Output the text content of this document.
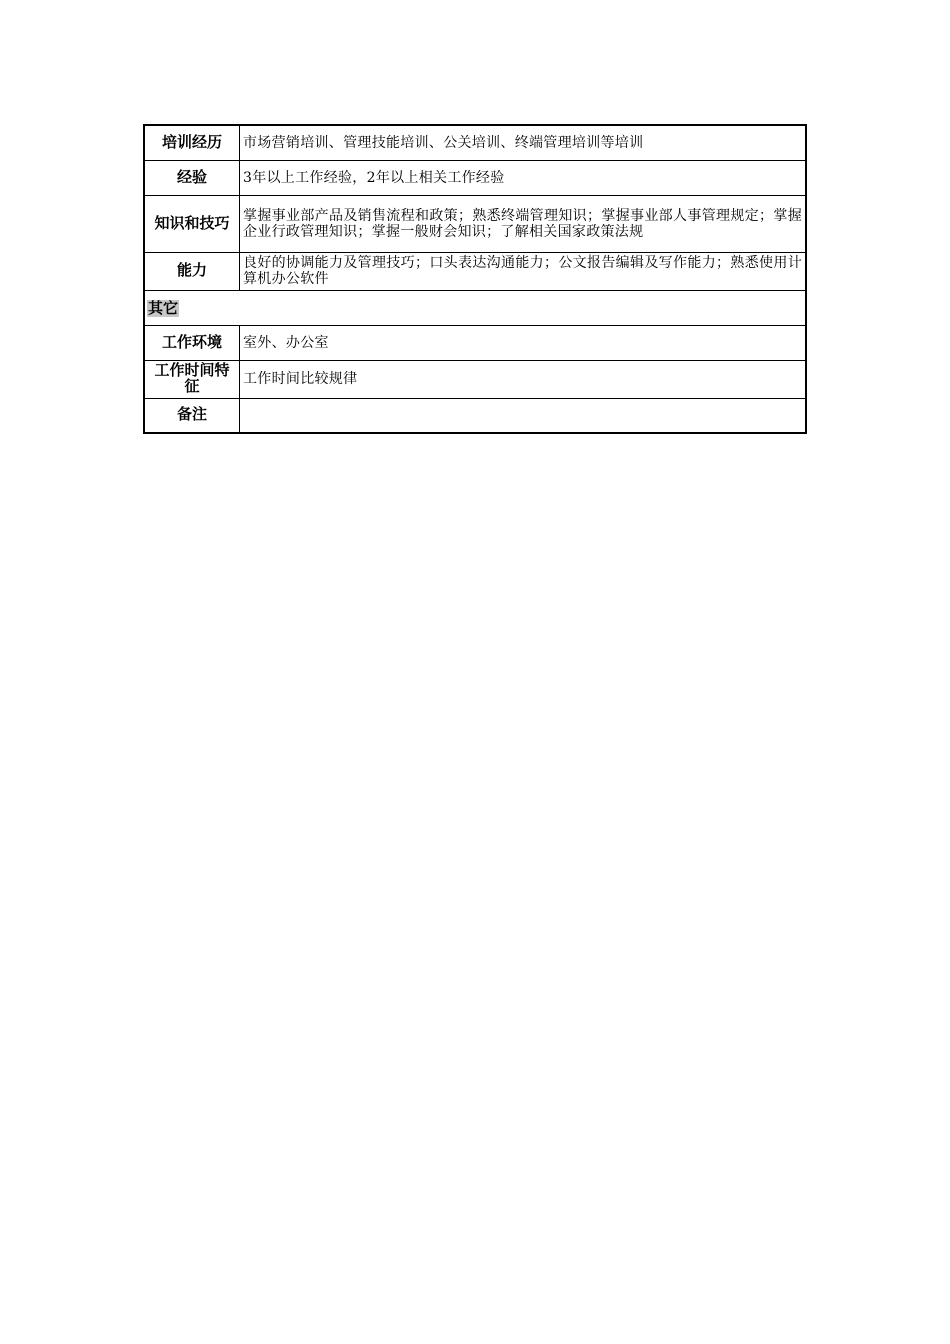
培训经历	市场营销培训、管理技能培训、公关培训、终端管理培训等培训
经验	3年以上工作经验，2年以上相关工作经验
知识和技巧	掌握事业部产品及销售流程和政策；熟悉终端管理知识；掌握事业部人事管理规定；掌握企业行政管理知识；掌握一般财会知识；了解相关国家政策法规
能力	良好的协调能力及管理技巧；口头表达沟通能力；公文报告编辑及写作能力；熟悉使用计算机办公软件
其它	
工作环境	室外、办公室
工作时间特征	工作时间比较规律
备注	
